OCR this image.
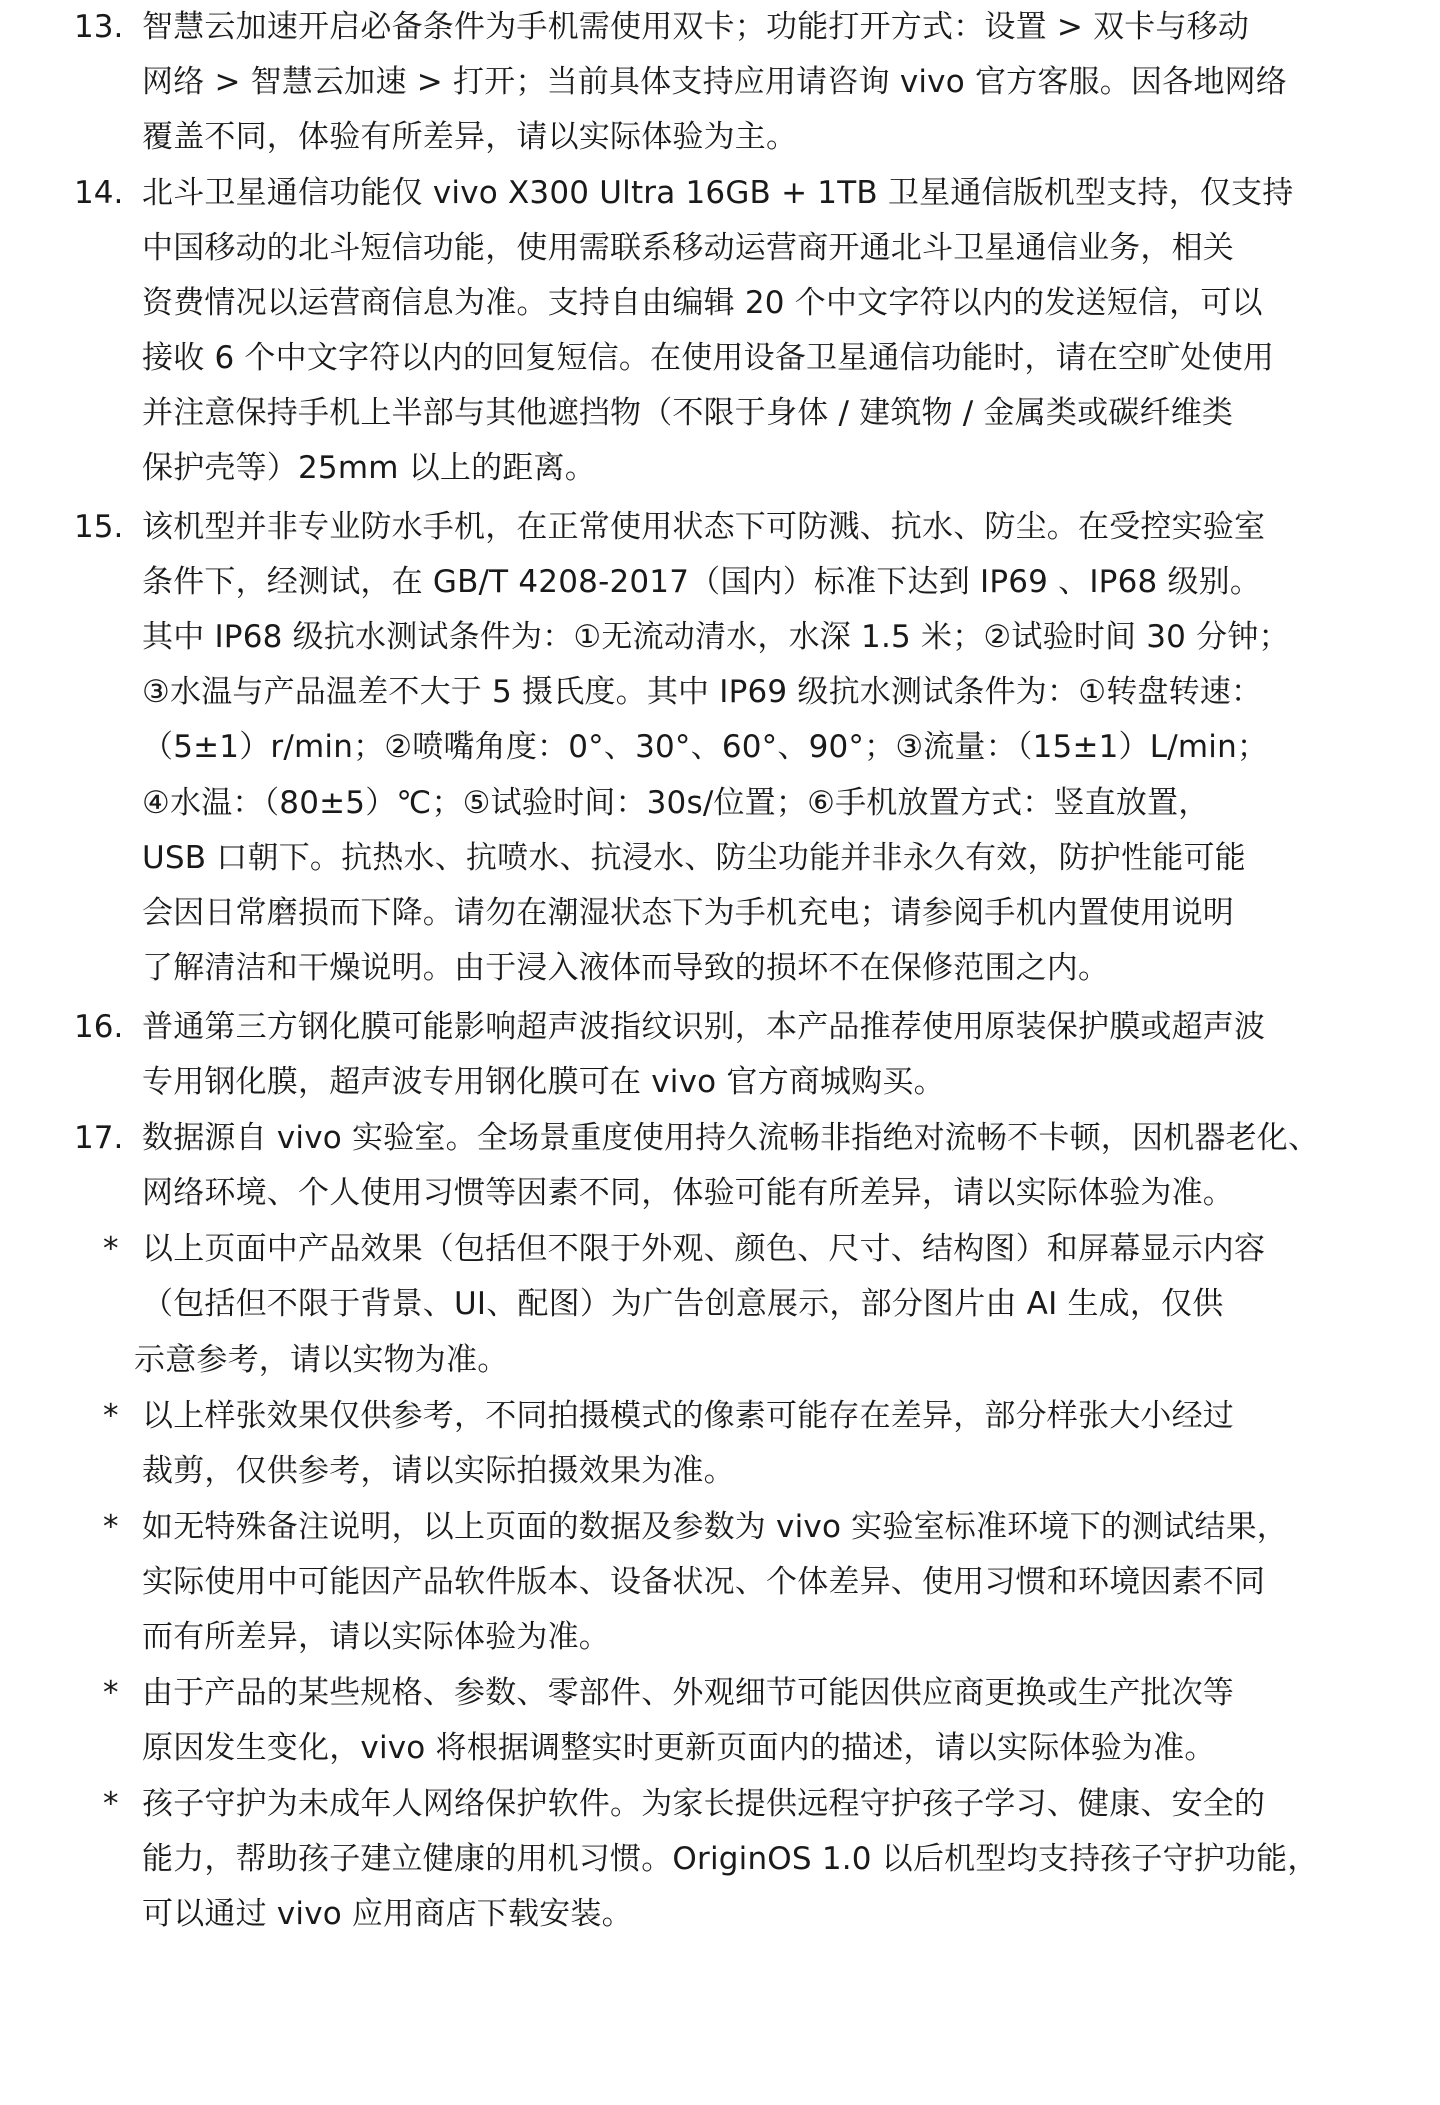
13. 智慧云加速开启必备条件为手机需使用双卡；功能打开方式：设置 > 双卡与移动
网络 > 智慧云加速 > 打开；当前具体支持应用请咨询 vivo 官方客服。因各地网络
覆盖不同，体验有所差异，请以实际体验为主。
14. 北斗卫星通信功能仅 vivo X300 Ultra 16GB + 1TB 卫星通信版机型支持，仅支持
中国移动的北斗短信功能，使用需联系移动运营商开通北斗卫星通信业务，相关
资费情况以运营商信息为准。支持自由编辑 20 个中文字符以内的发送短信，可以
接收 6 个中文字符以内的回复短信。在使用设备卫星通信功能时，请在空旷处使用
并注意保持手机上半部与其他遮挡物（不限于身体 / 建筑物 / 金属类或碳纤维类
保护壳等）25mm 以上的距离。
15. 该机型并非专业防水手机，在正常使用状态下可防溅、抗水、防尘。在受控实验室
条件下，经测试，在 GB/T 4208-2017（国内）标准下达到 IP69 、IP68 级别。
其中 IP68 级抗水测试条件为：①无流动清水，水深 1.5 米；②试验时间 30 分钟；
③水温与产品温差不大于 5 摄氏度。其中 IP69 级抗水测试条件为：①转盘转速：
（5±1）r/min；②喷嘴角度：0°、30°、60°、90°；③流量：（15±1）L/min；
④水温：（80±5）℃；⑤试验时间：30s/位置；⑥手机放置方式：竖直放置，
USB 口朝下。抗热水、抗喷水、抗浸水、防尘功能并非永久有效，防护性能可能
会因日常磨损而下降。请勿在潮湿状态下为手机充电；请参阅手机内置使用说明
了解清洁和干燥说明。由于浸入液体而导致的损坏不在保修范围之内。
16. 普通第三方钢化膜可能影响超声波指纹识别，本产品推荐使用原装保护膜或超声波
专用钢化膜，超声波专用钢化膜可在 vivo 官方商城购买。
17. 数据源自 vivo 实验室。全场景重度使用持久流畅非指绝对流畅不卡顿，因机器老化、
网络环境、个人使用习惯等因素不同，体验可能有所差异，请以实际体验为准。
* 以上页面中产品效果（包括但不限于外观、颜色、尺寸、结构图）和屏幕显示内容
（包括但不限于背景、UI、配图）为广告创意展示，部分图片由 AI 生成，仅供
示意参考，请以实物为准。
* 以上样张效果仅供参考，不同拍摄模式的像素可能存在差异，部分样张大小经过
裁剪，仅供参考，请以实际拍摄效果为准。
* 如无特殊备注说明，以上页面的数据及参数为 vivo 实验室标准环境下的测试结果，
实际使用中可能因产品软件版本、设备状况、个体差异、使用习惯和环境因素不同
而有所差异，请以实际体验为准。
* 由于产品的某些规格、参数、零部件、外观细节可能因供应商更换或生产批次等
原因发生变化，vivo 将根据调整实时更新页面内的描述，请以实际体验为准。
* 孩子守护为未成年人网络保护软件。为家长提供远程守护孩子学习、健康、安全的
能力，帮助孩子建立健康的用机习惯。OriginOS 1.0 以后机型均支持孩子守护功能，
可以通过 vivo 应用商店下载安装。
